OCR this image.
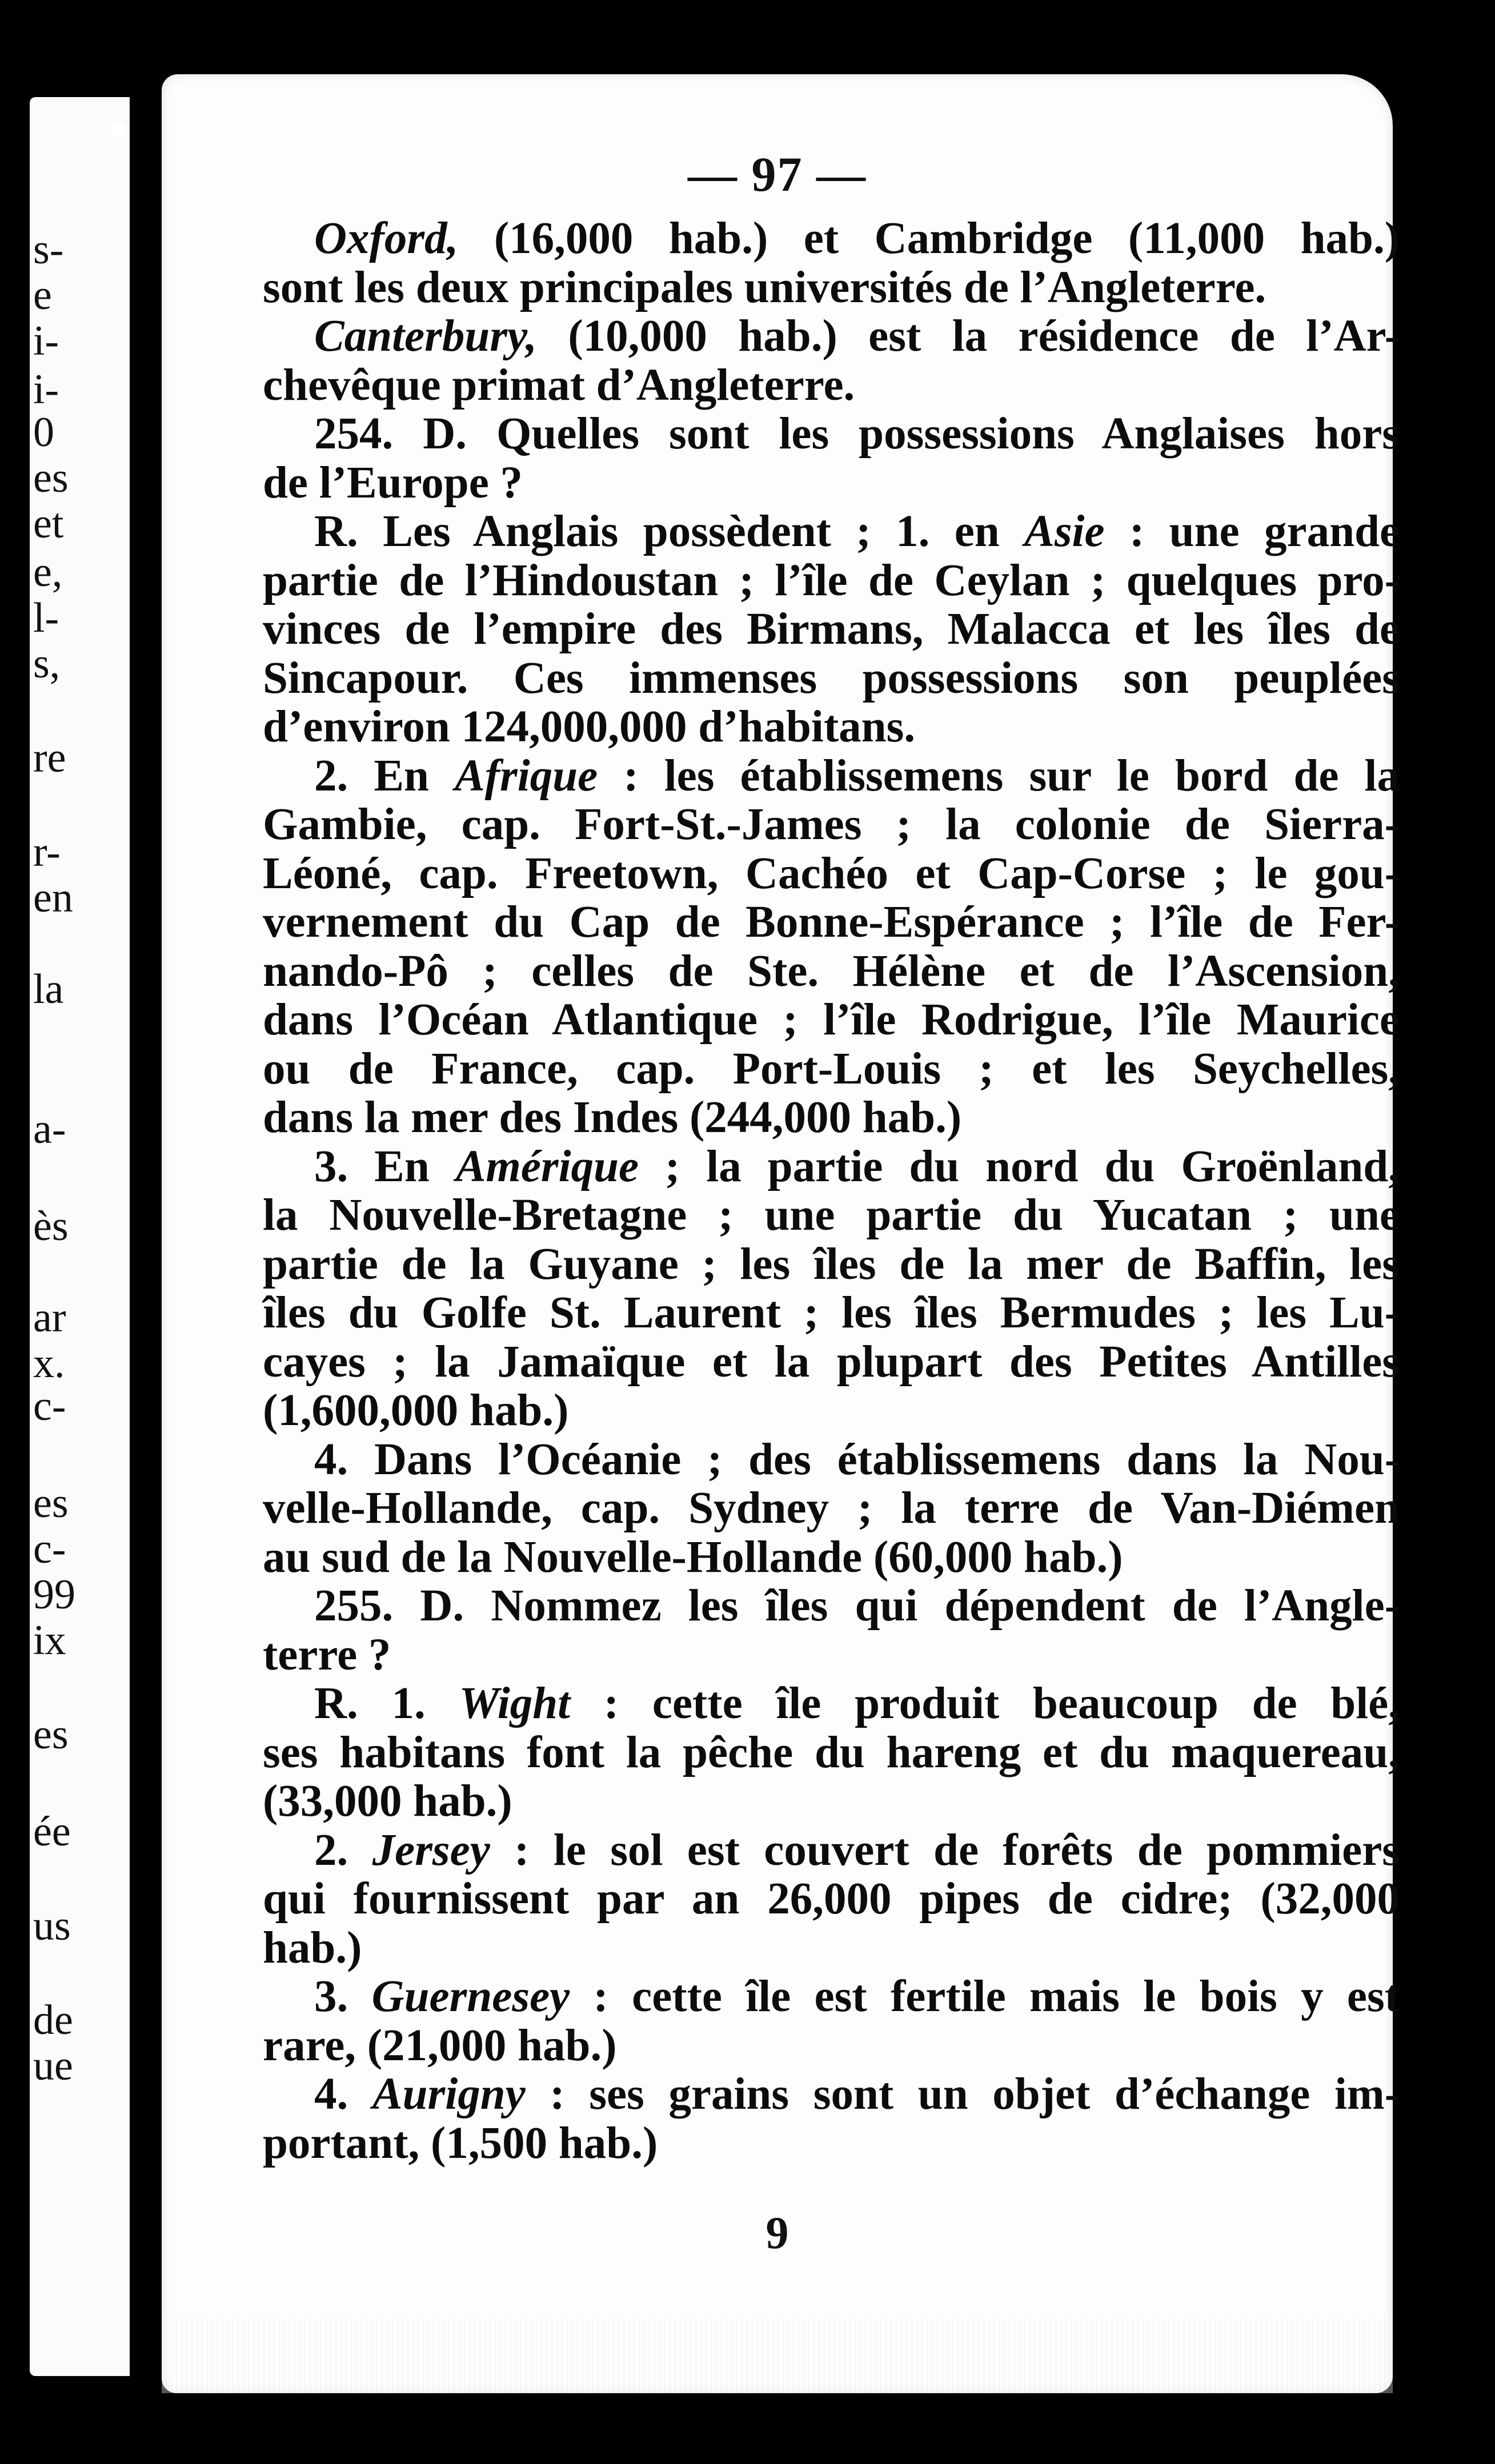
s-
e
i-
i-
0
es
et
e,
l-
s,
re
r-
en
la
a-
ès
ar
x.
c-
es
c-
99
ix
es
ée
us
de
ue
— 97 —
Oxford, (16,000 hab.) et Cambridge (11,000 hab.)
sont les deux principales universités de l’Angleterre.
Canterbury, (10,000 hab.) est la résidence de l’Ar-
chevêque primat d’Angleterre.
254. D. Quelles sont les possessions Anglaises hors
de l’Europe ?
R. Les Anglais possèdent ; 1. en Asie : une grande
partie de l’Hindoustan ; l’île de Ceylan ; quelques pro-
vinces de l’empire des Birmans, Malacca et les îles de
Sincapour. Ces immenses possessions son peuplées
d’environ 124,000,000 d’habitans.
2. En Afrique : les établissemens sur le bord de la
Gambie, cap. Fort-St.-James ; la colonie de Sierra-
Léoné, cap. Freetown, Cachéo et Cap-Corse ; le gou-
vernement du Cap de Bonne-Espérance ; l’île de Fer-
nando-Pô ; celles de Ste. Hélène et de l’Ascension,
dans l’Océan Atlantique ; l’île Rodrigue, l’île Maurice
ou de France, cap. Port-Louis ; et les Seychelles,
dans la mer des Indes (244,000 hab.)
3. En Amérique ; la partie du nord du Groënland,
la Nouvelle-Bretagne ; une partie du Yucatan ; une
partie de la Guyane ; les îles de la mer de Baffin, les
îles du Golfe St. Laurent ; les îles Bermudes ; les Lu-
cayes ; la Jamaïque et la plupart des Petites Antilles
(1,600,000 hab.)
4. Dans l’Océanie ; des établissemens dans la Nou-
velle-Hollande, cap. Sydney ; la terre de Van-Diémen
au sud de la Nouvelle-Hollande (60,000 hab.)
255. D. Nommez les îles qui dépendent de l’Angle-
terre ?
R. 1. Wight : cette île produit beaucoup de blé,
ses habitans font la pêche du hareng et du maquereau,
(33,000 hab.)
2. Jersey : le sol est couvert de forêts de pommiers
qui fournissent par an 26,000 pipes de cidre; (32,000
hab.)
3. Guernesey : cette île est fertile mais le bois y est
rare, (21,000 hab.)
4. Aurigny : ses grains sont un objet d’échange im-
portant, (1,500 hab.)
9
